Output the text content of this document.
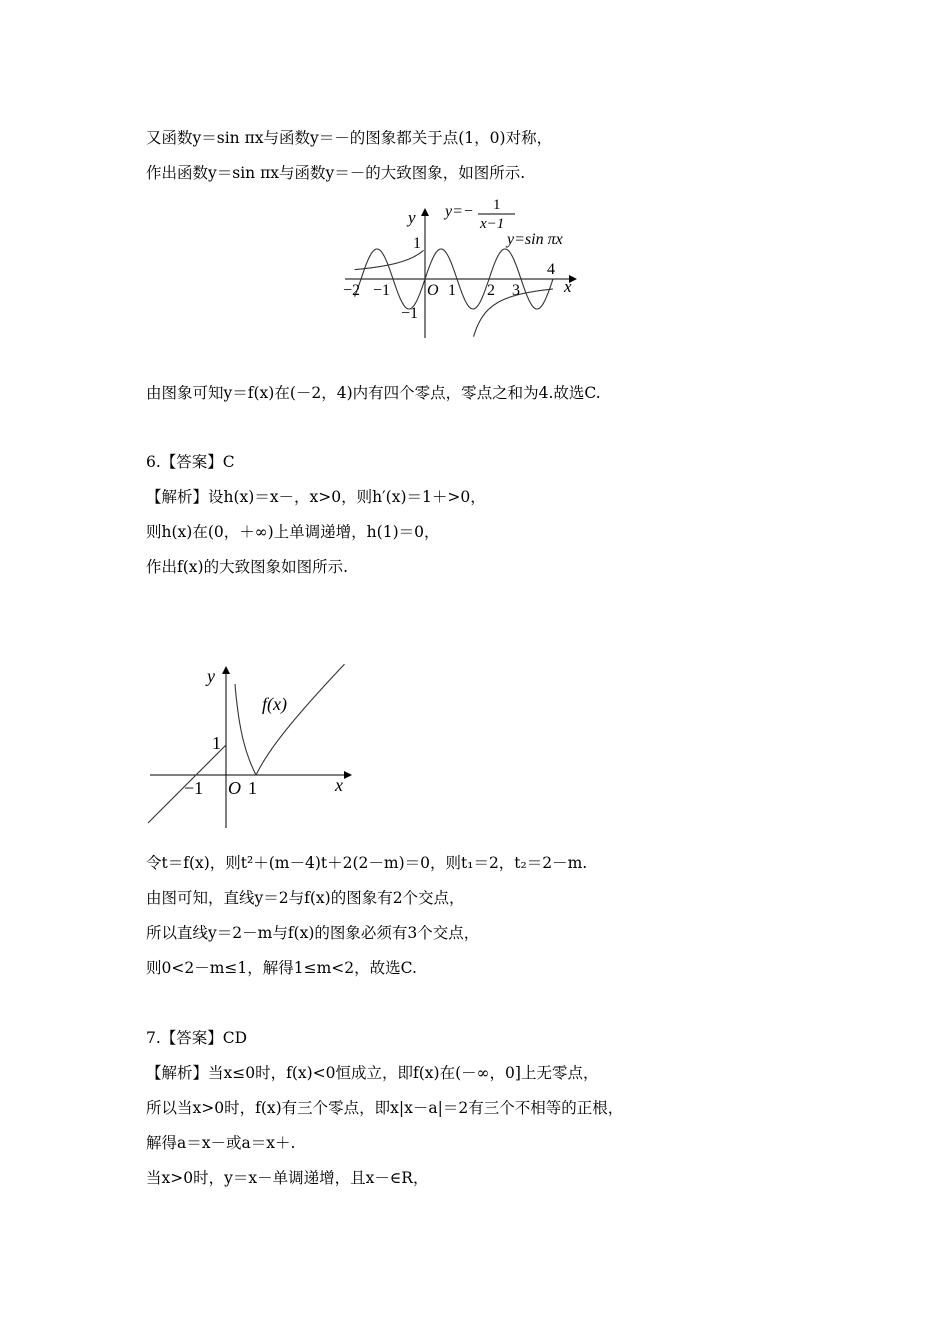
又函数y＝sin πx与函数y＝－的图象都关于点(1，0)对称，
作出函数y＝sin πx与函数y＝－的大致图象，如图所示.
y
x
O
1
−1
−2 −1	1 2 3
4
y=− 1
x−1
y=sin πx
由图象可知y＝f(x)在(－2，4)内有四个零点，零点之和为4.故选C.
6.【答案】C
【解析】设h(x)＝x－，x>0，则h′(x)＝1＋>0，
则h(x)在(0，＋∞)上单调递增，h(1)＝0，
作出f(x)的大致图象如图所示.
y
x
O
f(x)
1
−1 1
令t＝f(x)，则t²＋(m－4)t＋2(2－m)＝0，则t₁＝2，t₂＝2－m.
由图可知，直线y＝2与f(x)的图象有2个交点，
所以直线y＝2－m与f(x)的图象必须有3个交点，
则0<2－m≤1，解得1≤m<2，故选C.
7.【答案】CD
【解析】当x≤0时，f(x)<0恒成立，即f(x)在(－∞，0]上无零点，
所以当x>0时，f(x)有三个零点，即x|x－a|＝2有三个不相等的正根，
解得a＝x－或a＝x＋.
当x>0时，y＝x－单调递增，且x－∈R，
